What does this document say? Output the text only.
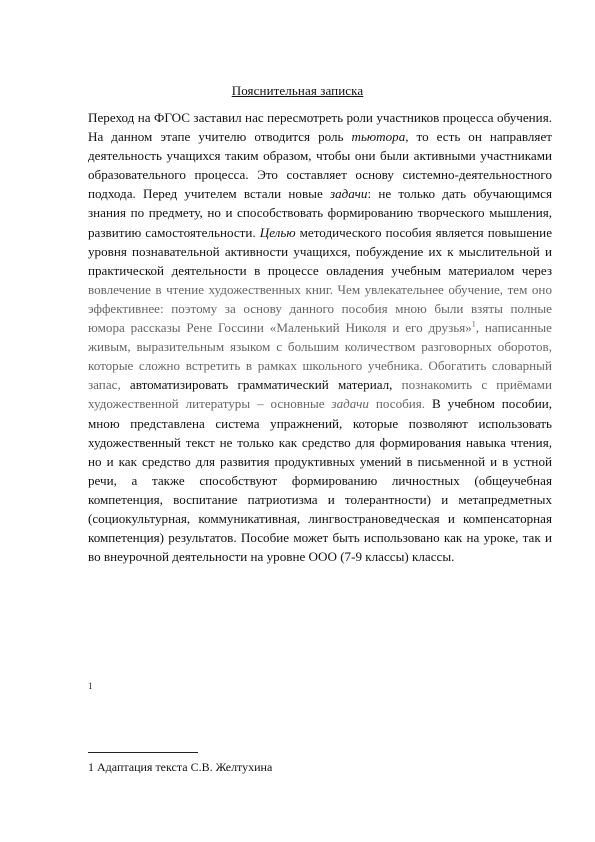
Пояснительная записка
Переход на ФГОС заставил нас пересмотреть роли участников процесса обучения. На данном этапе учителю отводится роль тьютора, то есть он направляет деятельность учащихся таким образом, чтобы они были активными участниками образовательного процесса. Это составляет основу системно-деятельностного подхода. Перед учителем встали новые задачи: не только дать обучающимся знания по предмету, но и способствовать формированию творческого мышления, развитию самостоятельности. Целью методического пособия является повышение уровня познавательной активности учащихся, побуждение их к мыслительной и практической деятельности в процессе овладения учебным материалом через вовлечение в чтение художественных книг. Чем увлекательнее обучение, тем оно эффективнее: поэтому за основу данного пособия мною были взяты полные юмора рассказы Рене Госсини «Маленький Николя и его друзья»$^1$, написанные живым, выразительным языком с большим количеством разговорных оборотов, которые сложно встретить в рамках школьного учебника. Обогатить словарный запас, автоматизировать грамматический материал, познакомить с приёмами художественной литературы – основные задачи пособия. В учебном пособии, мною представлена система упражнений, которые позволяют использовать художественный текст не только как средство для формирования навыка чтения, но и как средство для развития продуктивных умений в письменной и в устной речи, а также способствуют формированию личностных (общеучебная компетенция, воспитание патриотизма и толерантности) и метапредметных (социокультурная, коммуникативная, лингвострановедческая и компенсаторная компетенция) результатов. Пособие может быть использовано как на уроке, так и во внеурочной деятельности на уровне ООО (7-9 классы) классы.
1
1 Адаптация текста С.В. Желтухина
